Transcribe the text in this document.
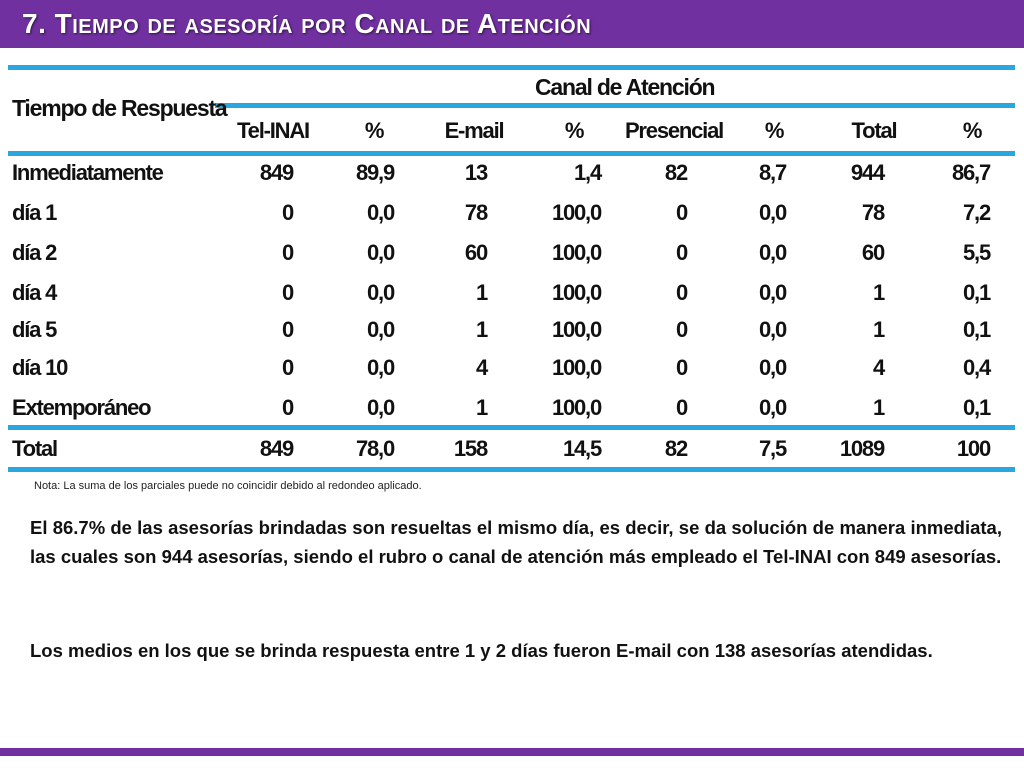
7. Tiempo de asesoría por Canal de Atención
Canal de Atención
Tiempo de Respuesta
Tel-INAI	%	E-mail	%	Presencial	%	Total	%
Inmediatamente	849	89,9	13	1,4	82	8,7	944	86,7
día 1	0	0,0	78	100,0	0	0,0	78	7,2
día 2	0	0,0	60	100,0	0	0,0	60	5,5
día 4	0	0,0	1	100,0	0	0,0	1	0,1
día 5	0	0,0	1	100,0	0	0,0	1	0,1
día 10	0	0,0	4	100,0	0	0,0	4	0,4
Extemporáneo	0	0,0	1	100,0	0	0,0	1	0,1
Total	849	78,0	158	14,5	82	7,5	1089	100
Nota: La suma de los parciales puede no coincidir debido al redondeo aplicado.
El 86.7% de las asesorías brindadas son resueltas el mismo día, es decir, se da solución de manera inmediata, las cuales son 944 asesorías, siendo el rubro o canal de atención más empleado el Tel-INAI con 849 asesorías.
Los medios en los que se brinda respuesta entre 1 y 2 días fueron E-mail con 138 asesorías atendidas.
